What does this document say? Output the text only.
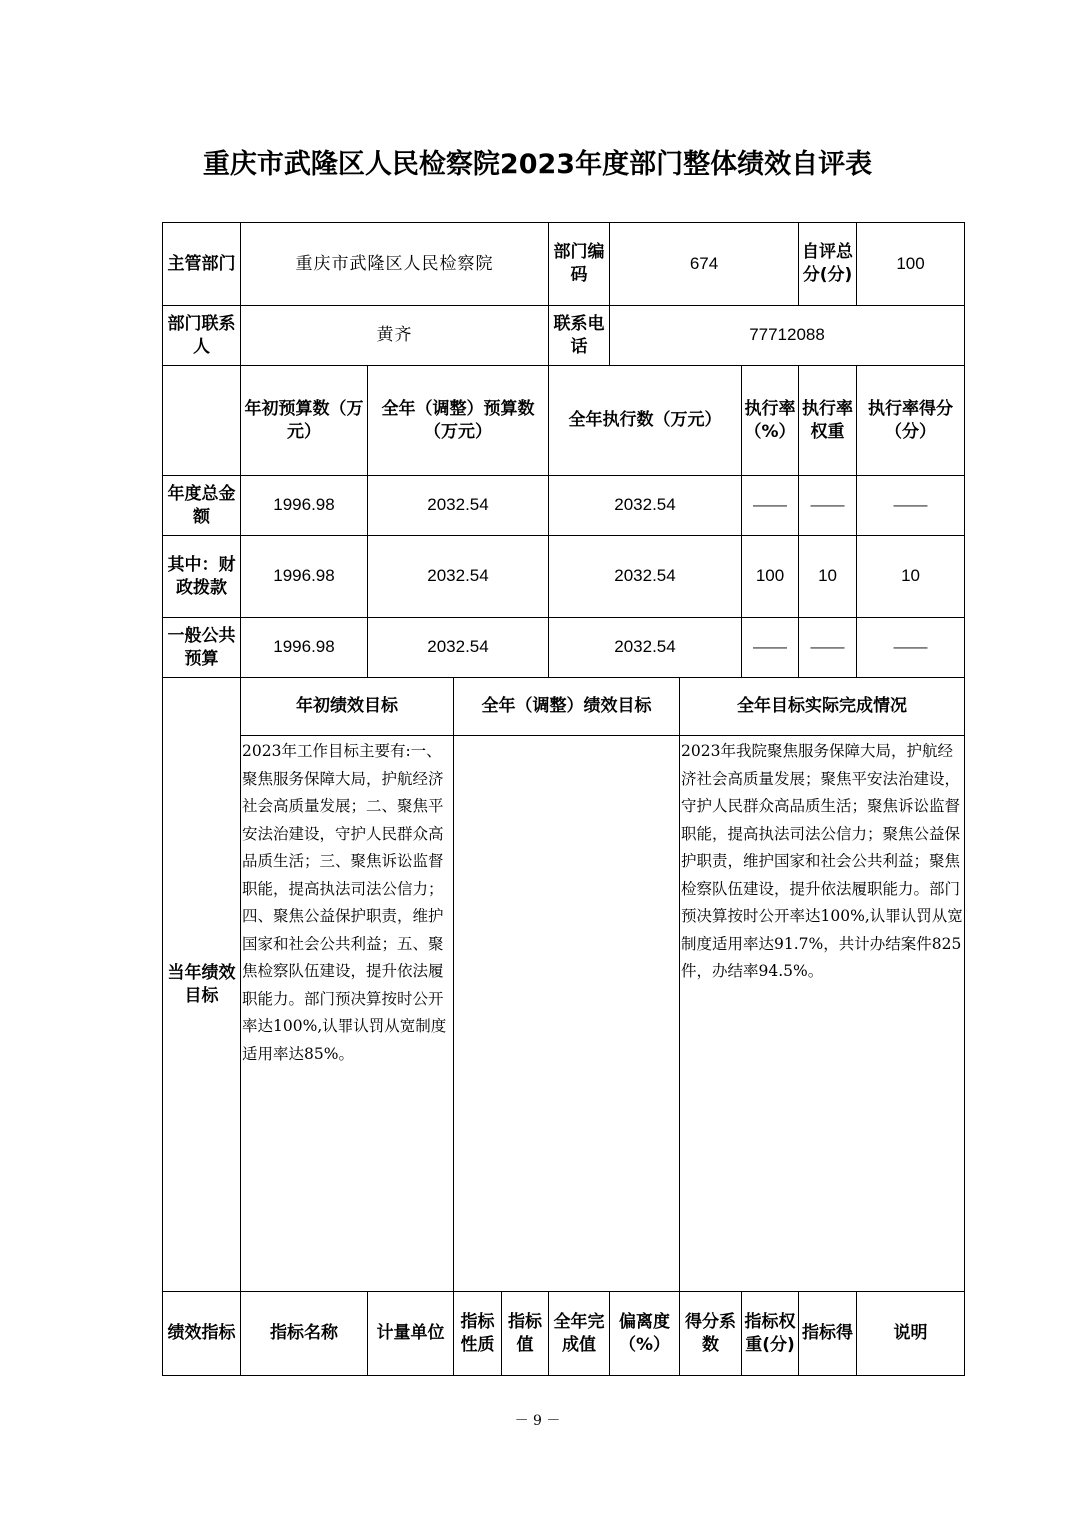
重庆市武隆区人民检察院2023年度部门整体绩效自评表
主管部门	重庆市武隆区人民检察院				部门编码	674			自评总分(分)	100
部门联系人	黄齐				联系电话	77712088				
	年初预算数（万元）	全年（调整）预算数（万元）			全年执行数（万元）			执行率（%）	执行率权重	执行率得分 （分）
年度总金额	1996.98	2032.54			2032.54			——	——	——
其中：财政拨款	1996.98	2032.54			2032.54			100	10	10
一般公共预算	1996.98	2032.54			2032.54			——	——	——
当年绩效目标	年初绩效目标		全年（调整）绩效目标				全年目标实际完成情况			
	2023年工作目标主要有:一、聚焦服务保障大局，护航经济社会高质量发展；二、聚焦平安法治建设，守护人民群众高品质生活；三、聚焦诉讼监督职能，提高执法司法公信力；四、聚焦公益保护职责，维护国家和社会公共利益；五、聚焦检察队伍建设，提升依法履职能力。部门预决算按时公开率达100%,认罪认罚从宽制度适用率达85%。						2023年我院聚焦服务保障大局，护航经济社会高质量发展；聚焦平安法治建设，守护人民群众高品质生活；聚焦诉讼监督职能，提高执法司法公信力；聚焦公益保护职责，维护国家和社会公共利益；聚焦检察队伍建设，提升依法履职能力。部门预决算按时公开率达100%,认罪认罚从宽制度适用率达91.7%，共计办结案件825件，办结率94.5%。			
绩效指标	指标名称	计量单位	指标性质	指标值	全年完成值	偏离度（%）	得分系数	指标权重(分)	指标得	说明
－ 9 －
